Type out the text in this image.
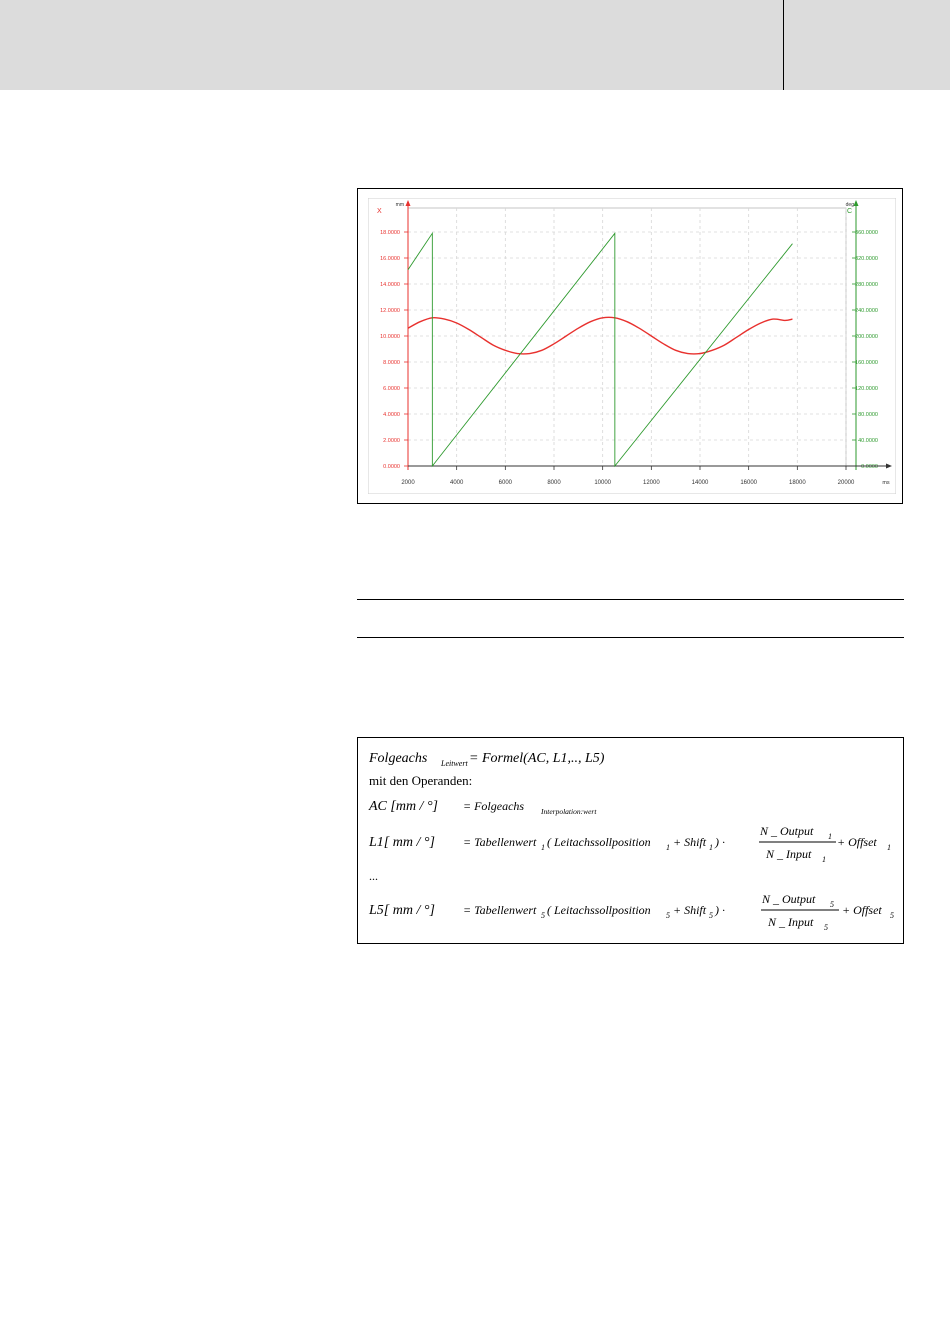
2000	4000	6000	8000	10000	12000	14000	16000	18000	20000
0.0000
2.0000
4.0000
6.0000
8.0000
10.0000
12.0000
14.0000
16.0000
18.0000
0.0000
40.0000
80.0000
120.0000
160.0000
200.0000
240.0000
280.0000
320.0000
360.0000
X
mm
C
deg
ms
Folgeachs Leitwert = Formel(AC, L1,.., L5)
mit den Operanden:
AC [mm / °] = Folgeachs Interpolation:wert
L1[ mm / °] = Tabellenwert 1 ( Leitachssollposition 1 + Shift 1 ) ·
N _ Output 1
N _ Input 1
+ Offset 1
...
L5[ mm / °] = Tabellenwert 5 ( Leitachssollposition 5 + Shift 5 ) ·
N _ Output 5
N _ Input 5
+ Offset 5
